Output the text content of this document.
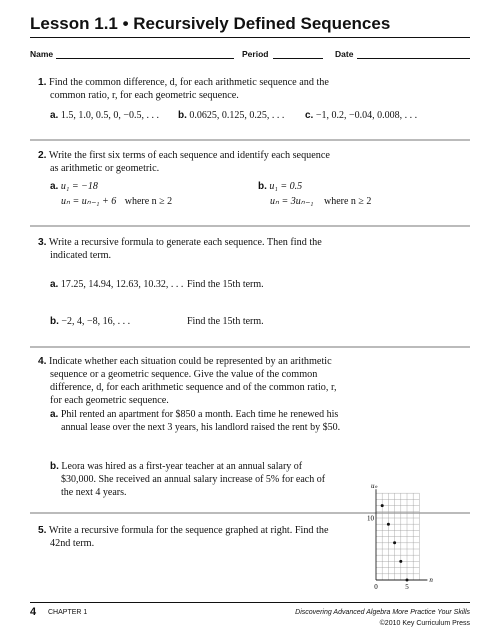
Lesson 1.1 • Recursively Defined Sequences
Name	Period	Date
1. Find the common difference, d, for each arithmetic sequence and the
common ratio, r, for each geometric sequence.
a. 1.5, 1.0, 0.5, 0, −0.5, . . . b. 0.0625, 0.125, 0.25, . . . c. −1, 0.2, −0.04, 0.008, . . .
2. Write the first six terms of each sequence and identify each sequence
as arithmetic or geometric.
a. u₁ = −18
uₙ = uₙ₋₁ + 6 where n ≥ 2
b. u₁ = 0.5
uₙ = 3uₙ₋₁ where n ≥ 2
3. Write a recursive formula to generate each sequence. Then find the
indicated term.
a. 17.25, 14.94, 12.63, 10.32, . . . Find the 15th term.
b. −2, 4, −8, 16, . . .	Find the 15th term.
4. Indicate whether each situation could be represented by an arithmetic
sequence or a geometric sequence. Give the value of the common
difference, d, for each arithmetic sequence and of the common ratio, r,
for each geometric sequence.
a. Phil rented an apartment for $850 a month. Each time he renewed his
annual lease over the next 3 years, his landlord raised the rent by $50.
b. Leora was hired as a first-year teacher at an annual salary of
$30,000. She received an annual salary increase of 5% for each of
the next 4 years.
5. Write a recursive formula for the sequence graphed at right. Find the
42nd term.
uₙ
n
10
0	5
4 CHAPTER 1	Discovering Advanced Algebra More Practice Your Skills
©2010 Key Curriculum Press
